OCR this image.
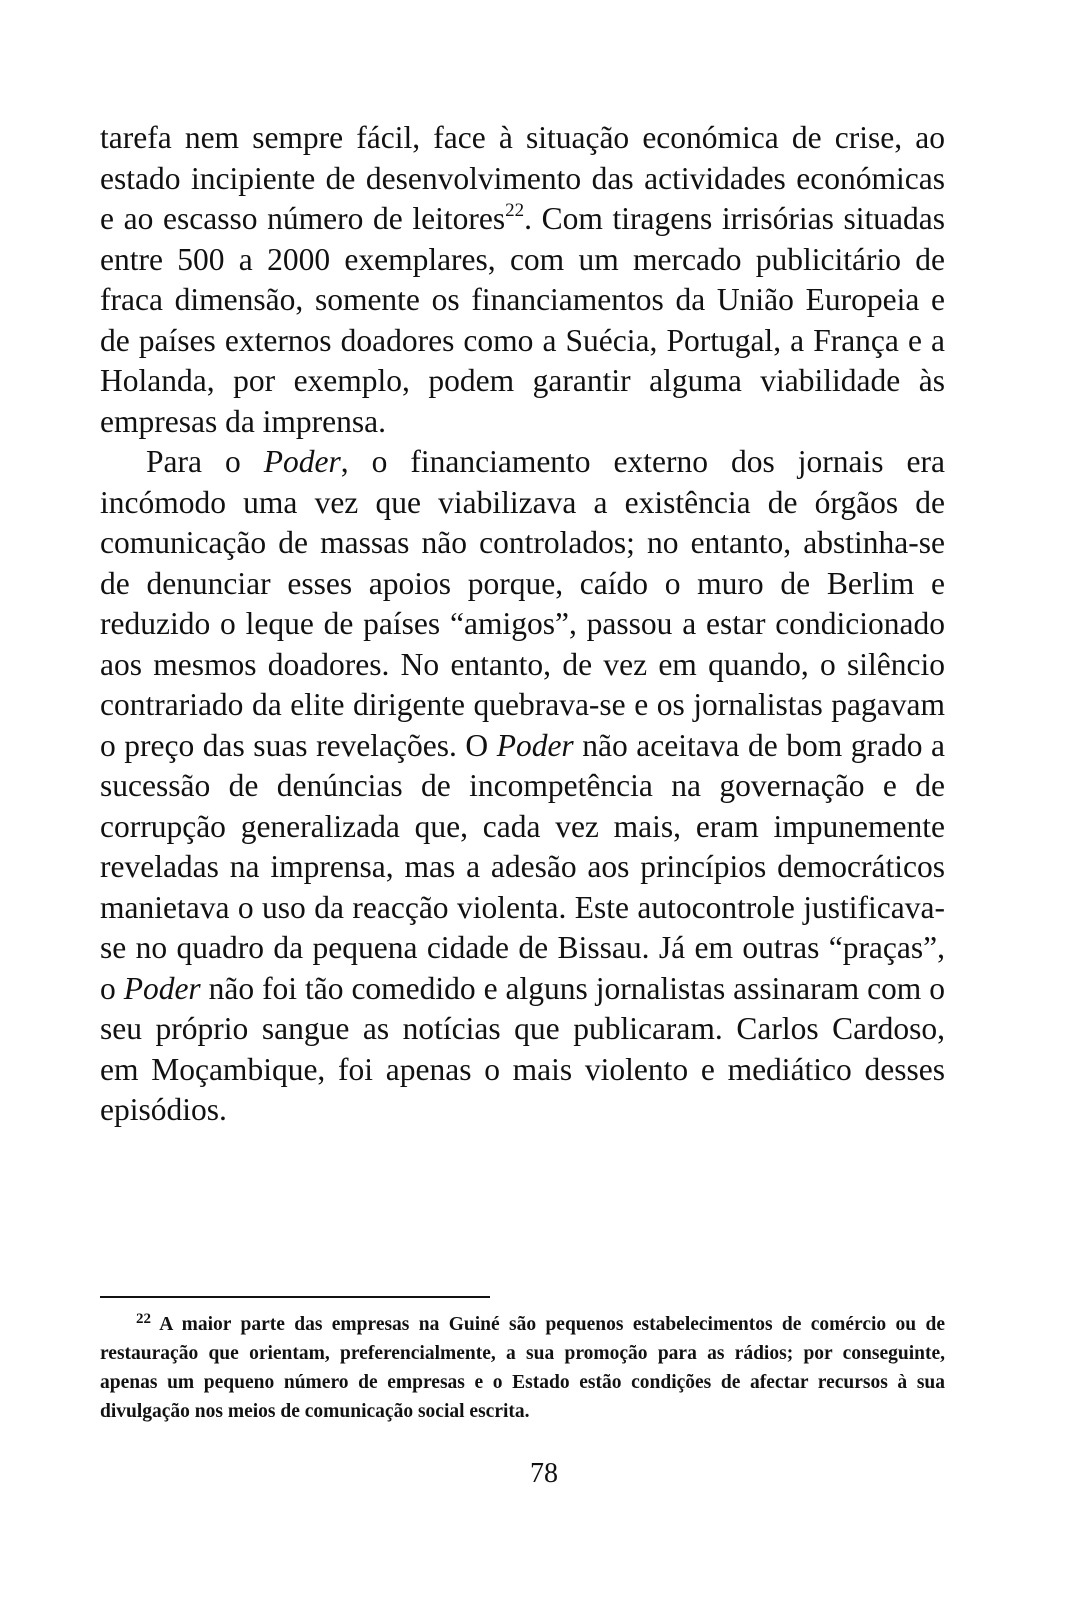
tarefa nem sempre fácil, face à situação económica de crise, ao estado incipiente de desenvolvimento das actividades económicas e ao escasso número de leitores$^{22}$. Com tiragens irrisórias situadas entre 500 a 2000 exemplares, com um mercado publicitário de fraca dimensão, somente os financiamentos da União Europeia e de países externos doadores como a Suécia, Portugal, a França e a Holanda, por exemplo, podem garantir alguma viabilidade às empresas da imprensa.

Para o Poder, o financiamento externo dos jornais era incómodo uma vez que viabilizava a existência de órgãos de comunicação de massas não controlados; no entanto, abstinha-se de denunciar esses apoios porque, caído o muro de Berlim e reduzido o leque de países “amigos”, passou a estar condicionado aos mesmos doadores. No entanto, de vez em quando, o silêncio contrariado da elite dirigente quebrava-se e os jornalistas pagavam o preço das suas revelações. O Poder não aceitava de bom grado a sucessão de denúncias de incompetência na governação e de corrupção generalizada que, cada vez mais, eram impunemente reveladas na imprensa, mas a adesão aos princípios democráticos manietava o uso da reacção violenta. Este autocontrole justificava-se no quadro da pequena cidade de Bissau. Já em outras “praças”, o Poder não foi tão comedido e alguns jornalistas assinaram com o seu próprio sangue as notícias que publicaram. Carlos Cardoso, em Moçambique, foi apenas o mais violento e mediático desses episódios.

$^{22}$ A maior parte das empresas na Guiné são pequenos estabelecimentos de comércio ou de restauração que orientam, preferencialmente, a sua promoção para as rádios; por conseguinte, apenas um pequeno número de empresas e o Estado estão condições de afectar recursos à sua divulgação nos meios de comunicação social escrita.
78
